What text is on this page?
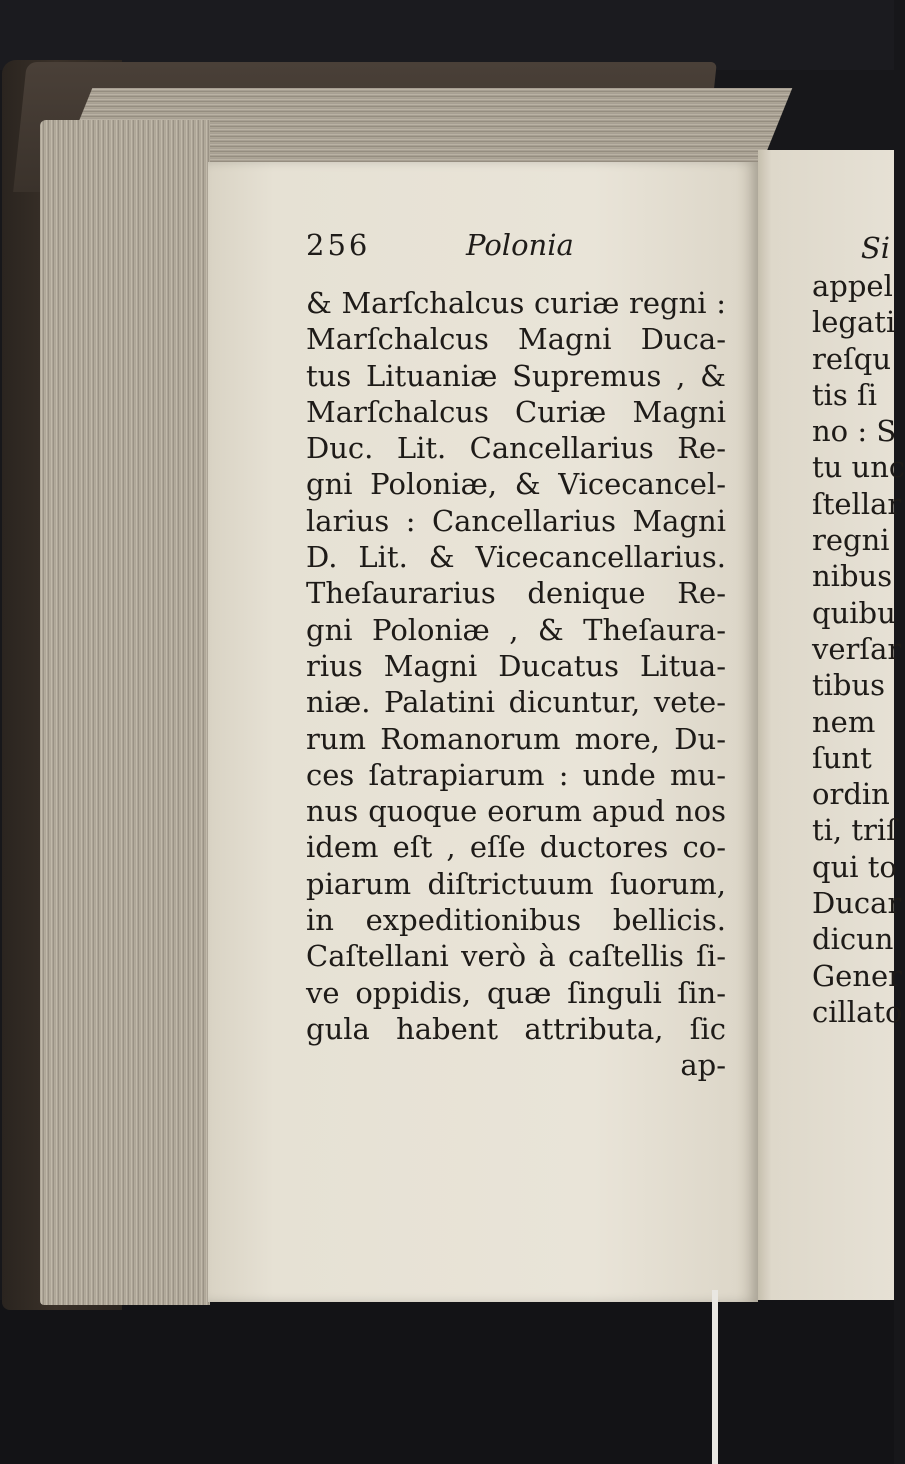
256	Polonia
& Marſchalcus curiæ regni :
Marſchalcus Magni Duca-
tus Lituaniæ Supremus , &
Marſchalcus Curiæ Magni
Duc. Lit. Cancellarius Re-
gni Poloniæ, & Vicecancel-
larius : Cancellarius Magni
D. Lit. & Vicecancellarius.
Theſaurarius denique Re-
gni Poloniæ , & Theſaura-
rius Magni Ducatus Litua-
niæ. Palatini dicuntur, vete-
rum Romanorum more, Du-
ces ſatrapiarum : unde mu-
nus quoque eorum apud nos
idem eſt , eſſe ductores co-
piarum diſtrictuum ſuorum,
in expeditionibus bellicis.
Caſtellani verò à caſtellis ſi-
ve oppidis, quæ ſinguli ſin-
gula habent attributa, ſic
ap-
Si
appel
legati
reſqu
tis ſi
no : S
tu unc
ſtellar
regni
nibus
quibu
verſar
tibus
nem
ſunt
ordin
ti, triſ
qui to
Ducar
dicun
Gener
cillato
